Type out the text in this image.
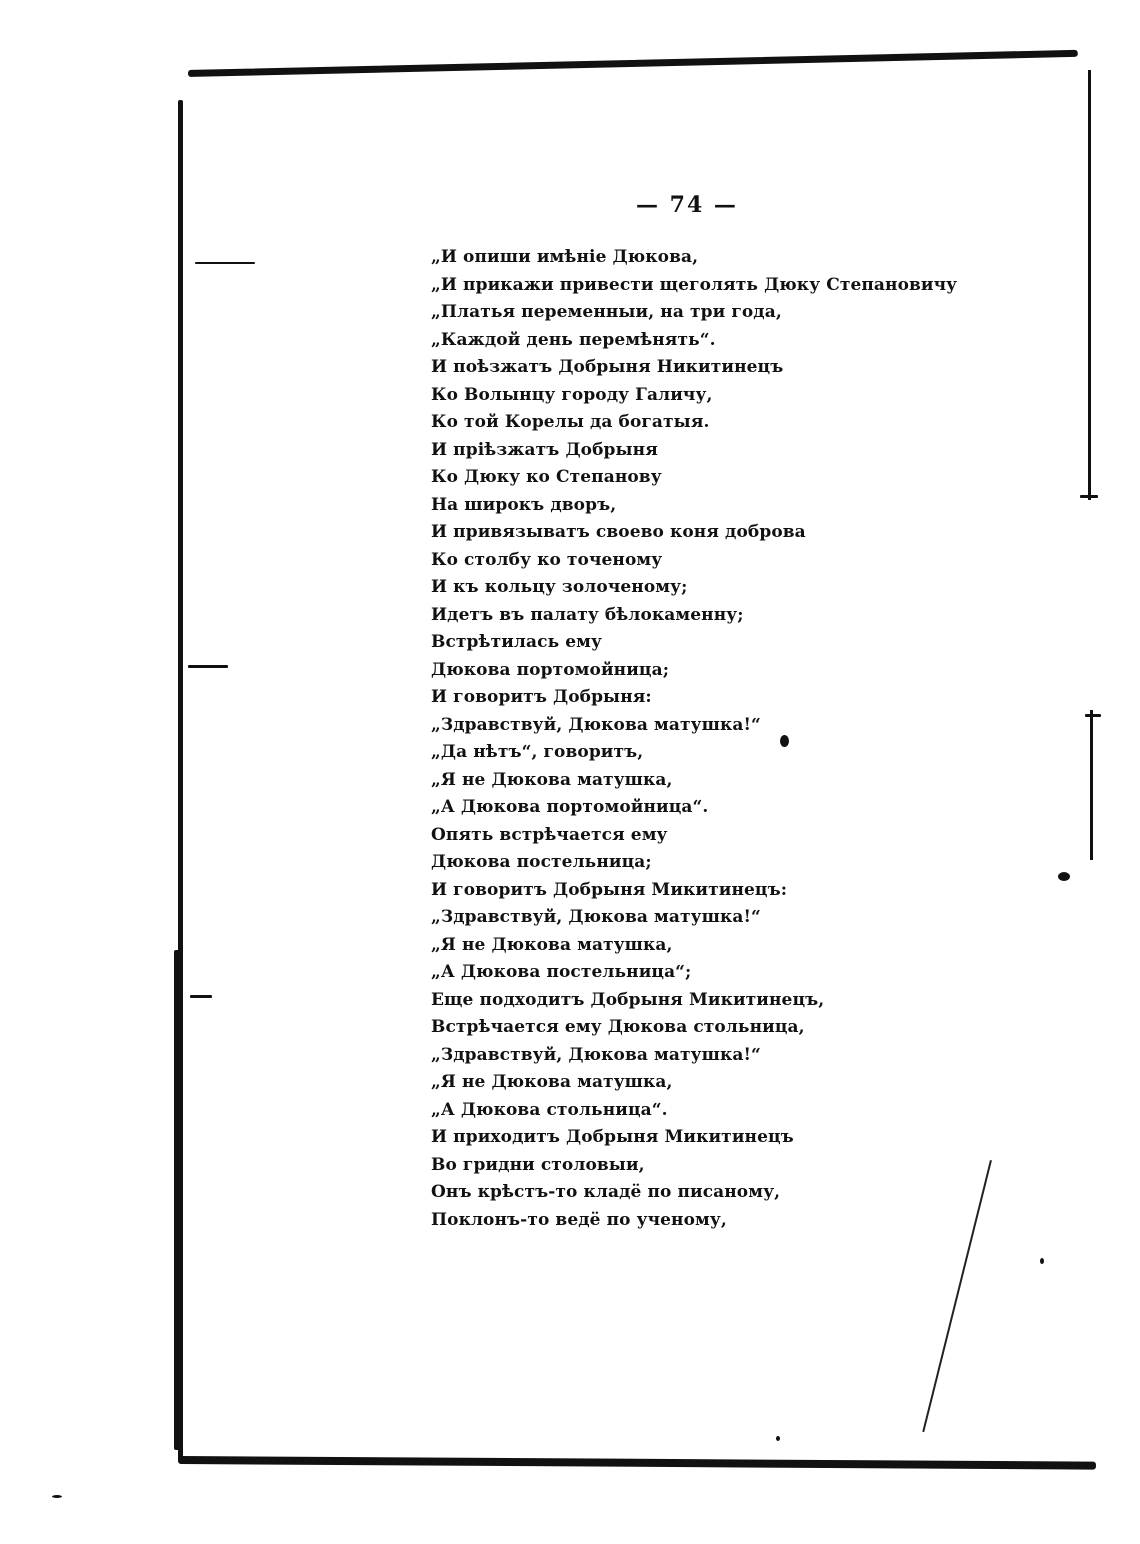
— 74 —
„И опиши имѣніе Дюкова,
„И прикажи привести щеголять Дюку Степановичу
„Платья переменныи, на три года,
„Каждой день перемѣнять“.
И поѣзжатъ Добрыня Никитинецъ
Ко Волынцу городу Галичу,
Ко той Корелы да богатыя.
И пріѣзжатъ Добрыня
Ко Дюку ко Степанову
На широкъ дворъ,
И привязыватъ своево коня доброва
Ко столбу ко точеному
И къ кольцу золоченому;
Идетъ въ палату бѣлокаменну;
Встрѣтилась ему
Дюкова портомойница;
И говоритъ Добрыня:
„Здравствуй, Дюкова матушка!“
„Да нѣтъ“, говоритъ,
„Я не Дюкова матушка,
„А Дюкова портомойница“.
Опять встрѣчается ему
Дюкова постельница;
И говоритъ Добрыня Микитинецъ:
„Здравствуй, Дюкова матушка!“
„Я не Дюкова матушка,
„А Дюкова постельница“;
Еще подходитъ Добрыня Микитинецъ,
Встрѣчается ему Дюкова стольница,
„Здравствуй, Дюкова матушка!“
„Я не Дюкова матушка,
„А Дюкова стольница“.
И приходитъ Добрыня Микитинецъ
Во гридни столовыи,
Онъ крѣстъ-то кладё по писаному,
Поклонъ-то ведё по ученому,
